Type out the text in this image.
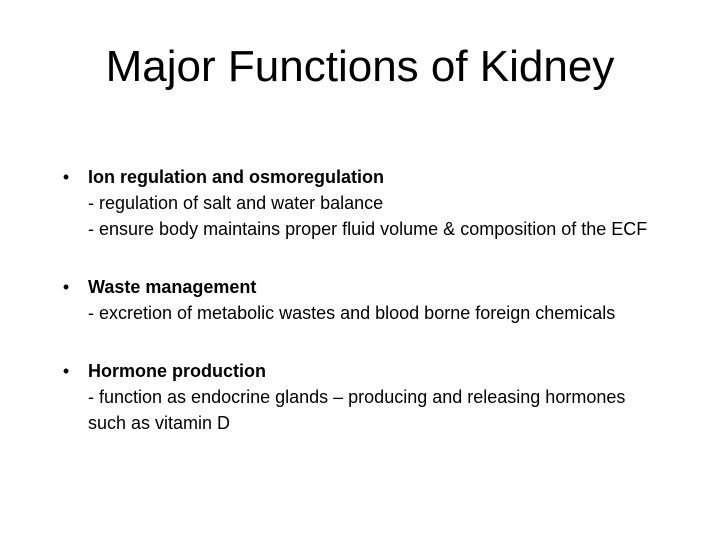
Major Functions of Kidney
•	Ion regulation and osmoregulation
- regulation of salt and water balance
- ensure body maintains proper fluid volume & composition of the ECF
•	Waste management
- excretion of metabolic wastes and blood borne foreign chemicals
•	Hormone production
- function as endocrine glands – producing and releasing hormones such as vitamin D
